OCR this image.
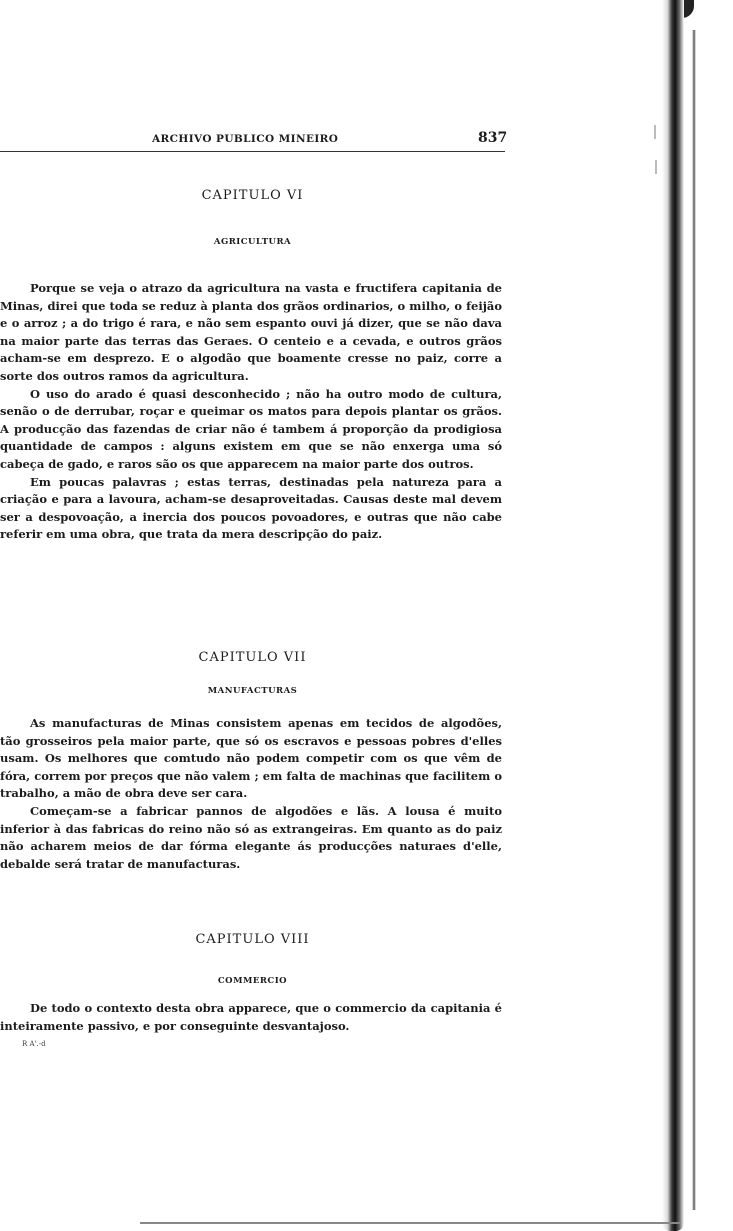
ARCHIVO PUBLICO MINEIRO	837
CAPITULO VI
AGRICULTURA

Porque se veja o atrazo da agricultura na vasta e fructifera capitania de Minas, direi que toda se reduz à planta dos grãos ordinarios, o milho, o feijão e o arroz ; a do trigo é rara, e não sem espanto ouvi já dizer, que se não dava na maior parte das terras das Geraes. O centeio e a cevada, e outros grãos acham-se em desprezo. E o algodão que boamente cresse no paiz, corre a sorte dos outros ramos da agricultura.

O uso do arado é quasi desconhecido ; não ha outro modo de cultura, senão o de derrubar, roçar e queimar os matos para depois plantar os grãos. A producção das fazendas de criar não é tambem á proporção da prodigiosa quantidade de campos : alguns existem em que se não enxerga uma só cabeça de gado, e raros são os que apparecem na maior parte dos outros.

Em poucas palavras ; estas terras, destinadas pela natureza para a criação e para a lavoura, acham-se desaproveitadas. Causas deste mal devem ser a despovoação, a inercia dos poucos povoadores, e outras que não cabe referir em uma obra, que trata da mera descripção do paiz.

CAPITULO VII
MANUFACTURAS

As manufacturas de Minas consistem apenas em tecidos de algodões, tão grosseiros pela maior parte, que só os escravos e pessoas pobres d'elles usam. Os melhores que comtudo não podem competir com os que vêm de fóra, correm por preços que não valem ; em falta de machinas que facilitem o trabalho, a mão de obra deve ser cara.

Começam-se a fabricar pannos de algodões e lãs. A lousa é muito inferior à das fabricas do reino não só as extrangeiras. Em quanto as do paiz não acharem meios de dar fórma elegante ás producções naturaes d'elle, debalde será tratar de manufacturas.

CAPITULO VIII
COMMERCIO

De todo o contexto desta obra apparece, que o commercio da capitania é inteiramente passivo, e por conseguinte desvantajoso.

R A'.-d
